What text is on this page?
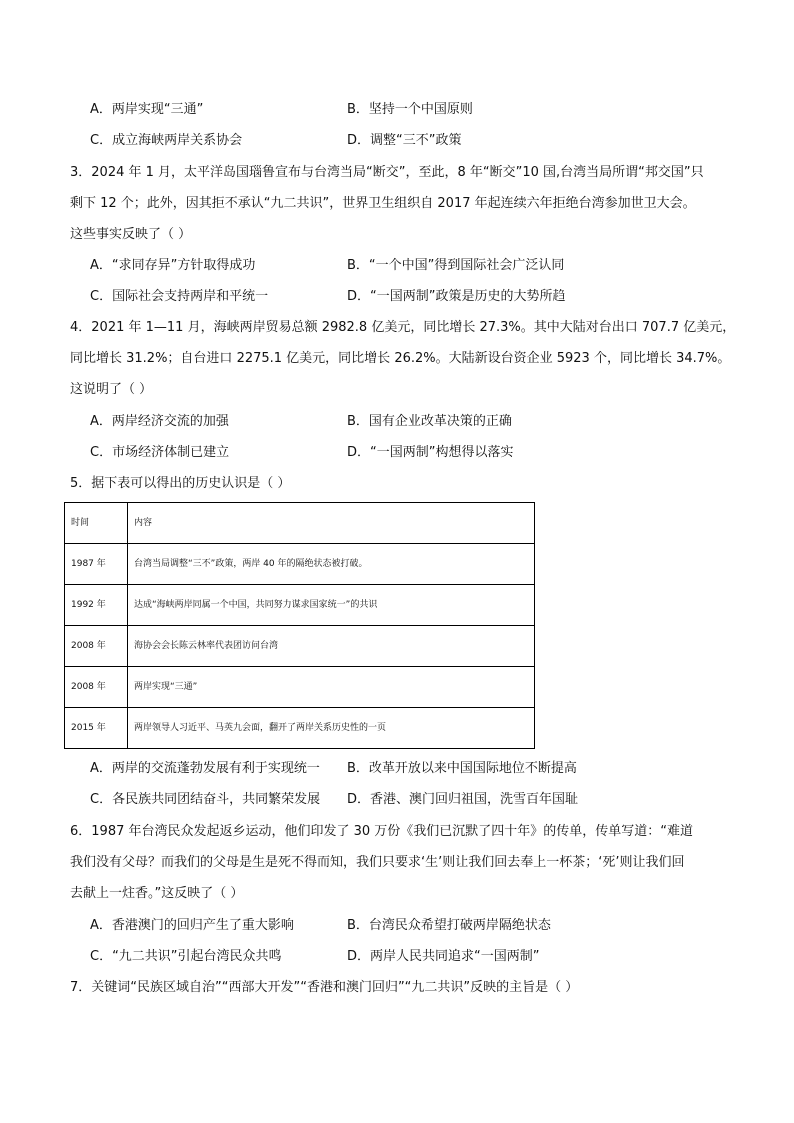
A．两岸实现“三通”	B．坚持一个中国原则
C．成立海峡两岸关系协会	D．调整“三不”政策
3．2024 年 1 月，太平洋岛国瑙鲁宣布与台湾当局“断交”，至此，8 年“断交”10 国,台湾当局所谓“邦交国”只
剩下 12 个；此外，因其拒不承认“九二共识”，世界卫生组织自 2017 年起连续六年拒绝台湾参加世卫大会。
这些事实反映了（ ）
A．“求同存异”方针取得成功	B．“一个中国”得到国际社会广泛认同
C．国际社会支持两岸和平统一	D．“一国两制”政策是历史的大势所趋
4．2021 年 1—11 月，海峡两岸贸易总额 2982.8 亿美元，同比增长 27.3%。其中大陆对台出口 707.7 亿美元，
同比增长 31.2%；自台进口 2275.1 亿美元，同比增长 26.2%。大陆新设台资企业 5923 个，同比增长 34.7%。
这说明了（ ）
A．两岸经济交流的加强	B．国有企业改革决策的正确
C．市场经济体制已建立	D．“一国两制”构想得以落实
5．据下表可以得出的历史认识是（ ）
时间	内容
1987 年	台湾当局调整“三不”政策，两岸 40 年的隔绝状态被打破。
1992 年	达成“海峡两岸同属一个中国，共同努力谋求国家统一”的共识
2008 年	海协会会长陈云林率代表团访问台湾
2008 年	两岸实现“三通”
2015 年	两岸领导人习近平、马英九会面，翻开了两岸关系历史性的一页
A．两岸的交流蓬勃发展有利于实现统一 B．改革开放以来中国国际地位不断提高
C．各民族共同团结奋斗，共同繁荣发展 D．香港、澳门回归祖国，洗雪百年国耻
6．1987 年台湾民众发起返乡运动，他们印发了 30 万份《我们已沉默了四十年》的传单，传单写道：“难道
我们没有父母？而我们的父母是生是死不得而知，我们只要求‘生’则让我们回去奉上一杯茶；‘死’则让我们回
去献上一炷香。”这反映了（ ）
A．香港澳门的回归产生了重大影响	B．台湾民众希望打破两岸隔绝状态
C．“九二共识”引起台湾民众共鸣	D．两岸人民共同追求“一国两制”
7．关键词“民族区域自治”“西部大开发”“香港和澳门回归”“九二共识”反映的主旨是（ ）
